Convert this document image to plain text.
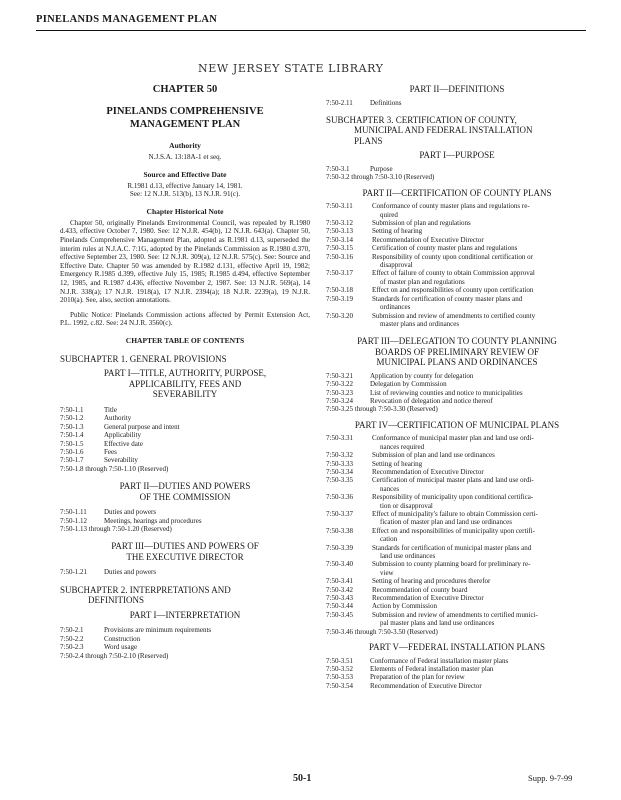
PINELANDS MANAGEMENT PLAN
NEW JERSEY STATE LIBRARY
CHAPTER 50
PINELANDS COMPREHENSIVE
MANAGEMENT PLAN
Authority
N.J.S.A. 13:18A-1 et seq.
Source and Effective Date
R.1981 d.13, effective January 14, 1981.
See: 12 N.J.R. 513(b), 13 N.J.R. 91(c).
Chapter Historical Note
Chapter 50, originally Pinelands Environmental Council, was repealed by R.1980 d.433, effective October 7, 1980. See: 12 N.J.R. 454(b), 12 N.J.R. 643(a). Chapter 50, Pinelands Comprehensive Management Plan, adopted as R.1981 d.13, superseded the interim rules at N.J.A.C. 7:1G, adopted by the Pinelands Commission as R.1980 d.370, effective September 23, 1980. See: 12 N.J.R. 309(a), 12 N.J.R. 575(c). See: Source and Effective Date. Chapter 50 was amended by R.1982 d.131, effective April 19, 1982; Emergency R.1985 d.399, effective July 15, 1985; R.1985 d.494, effective September 12, 1985, and R.1987 d.436, effective November 2, 1987. See: 13 N.J.R. 569(a), 14 N.J.R. 338(a); 17 N.J.R. 1918(a), 17 N.J.R. 2394(a); 18 N.J.R. 2239(a), 19 N.J.R. 2010(a). See, also, section annotations.
Public Notice: Pinelands Commission actions affected by Permit Extension Act, P.L. 1992, c.82. See: 24 N.J.R. 3560(c).
CHAPTER TABLE OF CONTENTS
SUBCHAPTER 1. GENERAL PROVISIONS
PART I—TITLE, AUTHORITY, PURPOSE,
APPLICABILITY, FEES AND
SEVERABILITY
7:50-1.1	Title
7:50-1.2	Authority
7:50-1.3	General purpose and intent
7:50-1.4	Applicability
7:50-1.5	Effective date
7:50-1.6	Fees
7:50-1.7	Severability
7:50-1.8 through 7:50-1.10 (Reserved)
PART II—DUTIES AND POWERS
OF THE COMMISSION
7:50-1.11	Duties and powers
7:50-1.12	Meetings, hearings and procedures
7:50-1.13 through 7:50-1.20 (Reserved)
PART III—DUTIES AND POWERS OF
THE EXECUTIVE DIRECTOR
7:50-1.21	Duties and powers
SUBCHAPTER 2. INTERPRETATIONS AND
DEFINITIONS
PART I—INTERPRETATION
7:50-2.1	Provisions are minimum requirements
7:50-2.2	Construction
7:50-2.3	Word usage
7:50-2.4 through 7:50-2.10 (Reserved)
PART II—DEFINITIONS
7:50-2.11	Definitions
SUBCHAPTER 3. CERTIFICATION OF COUNTY,
MUNICIPAL AND FEDERAL INSTALLATION
PLANS
PART I—PURPOSE
7:50-3.1	Purpose
7:50-3.2 through 7:50-3.10 (Reserved)
PART II—CERTIFICATION OF COUNTY PLANS
7:50-3.11	Conformance of county master plans and regulations re-
quired
7:50-3.12	Submission of plan and regulations
7:50-3.13	Setting of hearing
7:50-3.14	Recommendation of Executive Director
7:50-3.15	Certification of county master plans and regulations
7:50-3.16	Responsibility of county upon conditional certification or
disapproval
7:50-3.17	Effect of failure of county to obtain Commission approval
of master plan and regulations
7:50-3.18	Effect on and responsibilities of county upon certification
7:50-3.19	Standards for certification of county master plans and
ordinances
7:50-3.20	Submission and review of amendments to certified county
master plans and ordinances
PART III—DELEGATION TO COUNTY PLANNING
BOARDS OF PRELIMINARY REVIEW OF
MUNICIPAL PLANS AND ORDINANCES
7:50-3.21	Application by county for delegation
7:50-3.22	Delegation by Commission
7:50-3.23	List of reviewing counties and notice to municipalities
7:50-3.24	Revocation of delegation and notice thereof
7:50-3.25 through 7:50-3.30 (Reserved)
PART IV—CERTIFICATION OF MUNICIPAL PLANS
7:50-3.31	Conformance of municipal master plan and land use ordi-
nances required
7:50-3.32	Submission of plan and land use ordinances
7:50-3.33	Setting of hearing
7:50-3.34	Recommendation of Executive Director
7:50-3.35	Certification of municipal master plans and land use ordi-
nances
7:50-3.36	Responsibility of municipality upon conditional certifica-
tion or disapproval
7:50-3.37	Effect of municipality's failure to obtain Commission certi-
fication of master plan and land use ordinances
7:50-3.38	Effect on and responsibilities of municipality upon certifi-
cation
7:50-3.39	Standards for certification of municipal master plans and
land use ordinances
7:50-3.40	Submission to county planning board for preliminary re-
view
7:50-3.41	Setting of hearing and procedures therefor
7:50-3.42	Recommendation of county board
7:50-3.43	Recommendation of Executive Director
7:50-3.44	Action by Commission
7:50-3.45	Submission and review of amendments to certified munici-
pal master plans and land use ordinances
7:50-3.46 through 7:50-3.50 (Reserved)
PART V—FEDERAL INSTALLATION PLANS
7:50-3.51	Conformance of Federal installation master plans
7:50-3.52	Elements of Federal installation master plan
7:50-3.53	Preparation of the plan for review
7:50-3.54	Recommendation of Executive Director
50-1	Supp. 9-7-99
